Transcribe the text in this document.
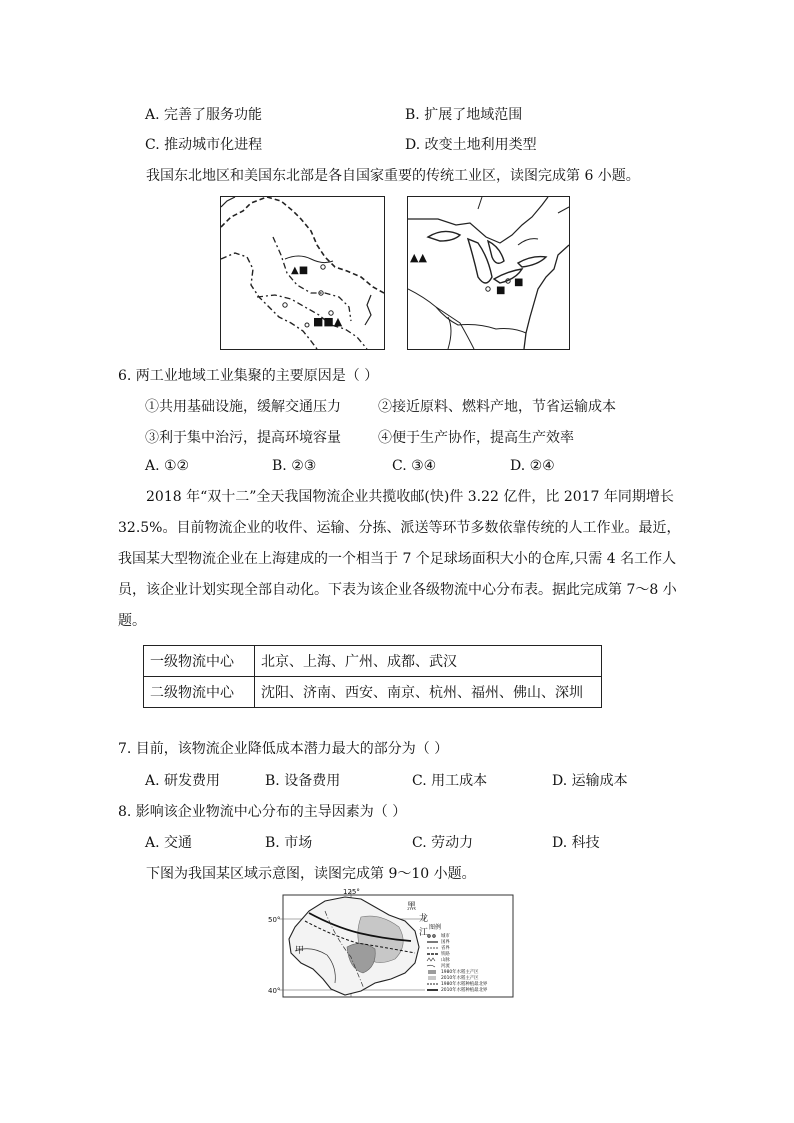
A. 完善了服务功能	B. 扩展了地域范围
C. 推动城市化进程	D. 改变土地利用类型
我国东北地区和美国东北部是各自国家重要的传统工业区，读图完成第 6 小题。
▲■
■■▲
▲▲
■
■
6. 两工业地域工业集聚的主要原因是（ ）
①共用基础设施，缓解交通压力	②接近原料、燃料产地，节省运输成本
③利于集中治污，提高环境容量	④便于生产协作，提高生产效率
A. ①②	B. ②③	C. ③④	D. ②④
2018 年“双十二”全天我国物流企业共揽收邮(快)件 3.22 亿件，比 2017 年同期增长 32.5%。目前物流企业的收件、运输、分拣、派送等环节多数依靠传统的人工作业。最近，我国某大型物流企业在上海建成的一个相当于 7 个足球场面积大小的仓库,只需 4 名工作人员，该企业计划实现全部自动化。下表为该企业各级物流中心分布表。据此完成第 7～8 小题。
一级物流中心	北京、上海、广州、成都、武汉
二级物流中心	沈阳、济南、西安、南京、杭州、福州、佛山、深圳
7. 目前，该物流企业降低成本潜力最大的部分为（ ）
A. 研发费用	B. 设备费用	C. 用工成本	D. 运输成本
8. 影响该企业物流中心分布的主导因素为（ ）
A. 交通	B. 市场	C. 劳动力	D. 科技
下图为我国某区域示意图，读图完成第 9～10 小题。
125°
50°
40°
甲
黑
龙
江
图例
城市
国界
省界
铁路
山脉
河流
1980年水稻主产区
2010年水稻主产区
1980年水稻种植最北界
2010年水稻种植最北界
